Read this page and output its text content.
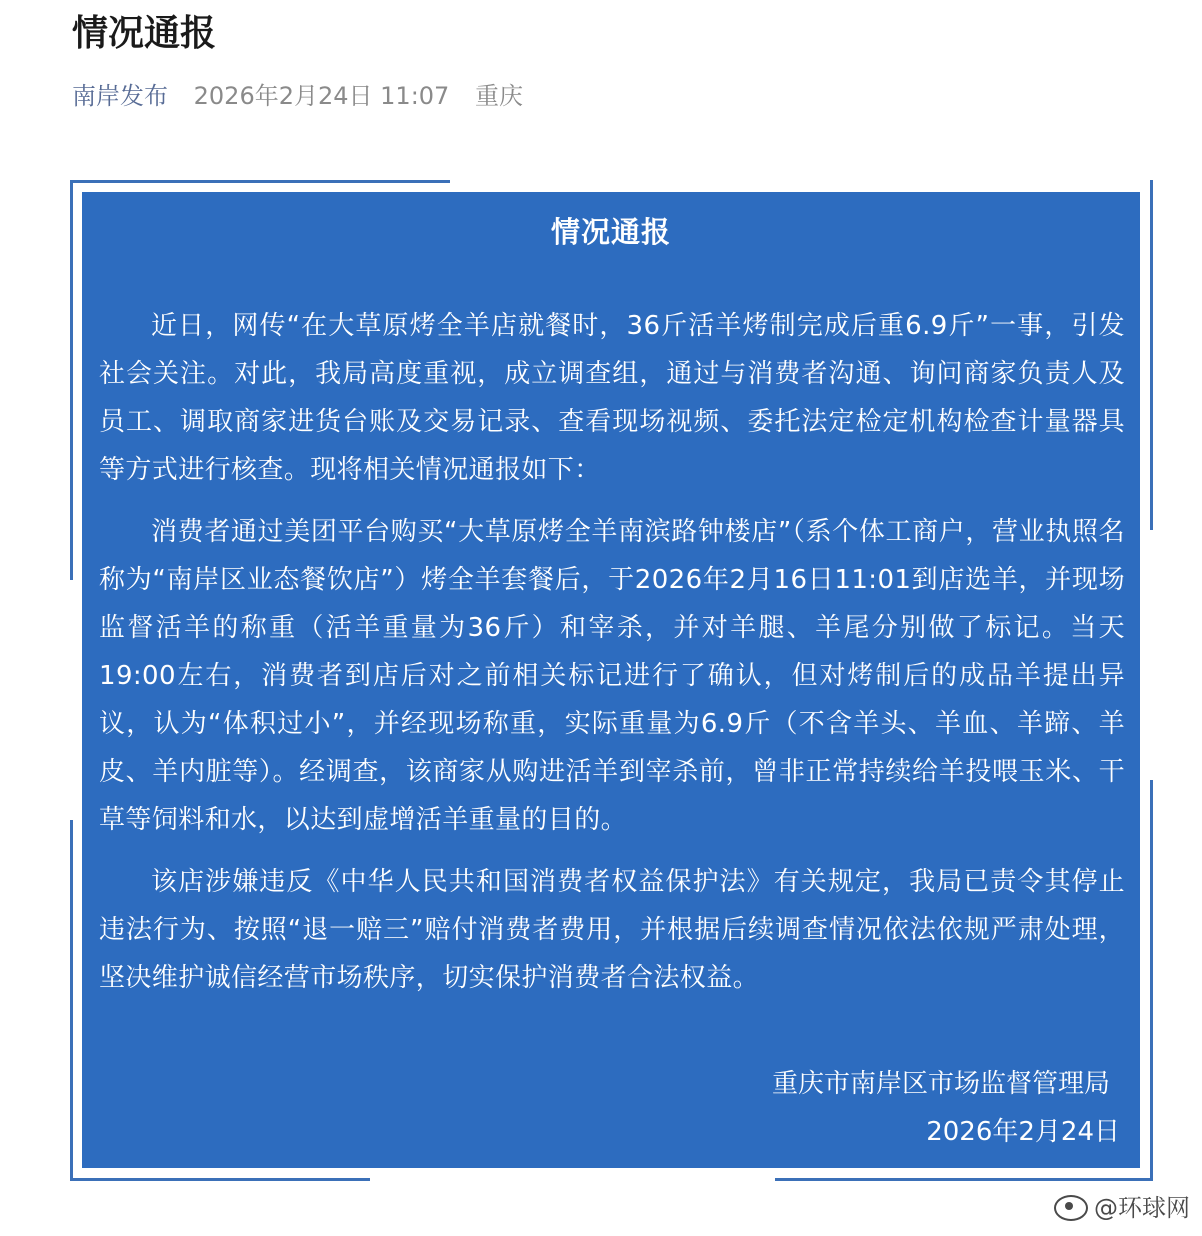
情况通报
南岸发布 2026年2月24日 11:07 重庆
情况通报

近日，网传“在大草原烤全羊店就餐时，36斤活羊烤制完成后重6.9斤”一事，引发社会关注。对此，我局高度重视，成立调查组，通过与消费者沟通、询问商家负责人及员工、调取商家进货台账及交易记录、查看现场视频、委托法定检定机构检查计量器具等方式进行核查。现将相关情况通报如下：

消费者通过美团平台购买“大草原烤全羊南滨路钟楼店”（系个体工商户，营业执照名称为“南岸区业态餐饮店”）烤全羊套餐后，于2026年2月16日11:01到店选羊，并现场监督活羊的称重（活羊重量为36斤）和宰杀，并对羊腿、羊尾分别做了标记。当天19:00左右，消费者到店后对之前相关标记进行了确认，但对烤制后的成品羊提出异议，认为“体积过小”，并经现场称重，实际重量为6.9斤（不含羊头、羊血、羊蹄、羊皮、羊内脏等）。经调查，该商家从购进活羊到宰杀前，曾非正常持续给羊投喂玉米、干草等饲料和水，以达到虚增活羊重量的目的。

该店涉嫌违反《中华人民共和国消费者权益保护法》有关规定，我局已责令其停止违法行为、按照“退一赔三”赔付消费者费用，并根据后续调查情况依法依规严肃处理，坚决维护诚信经营市场秩序，切实保护消费者合法权益。

重庆市南岸区市场监督管理局
2026年2月24日
@环球网
